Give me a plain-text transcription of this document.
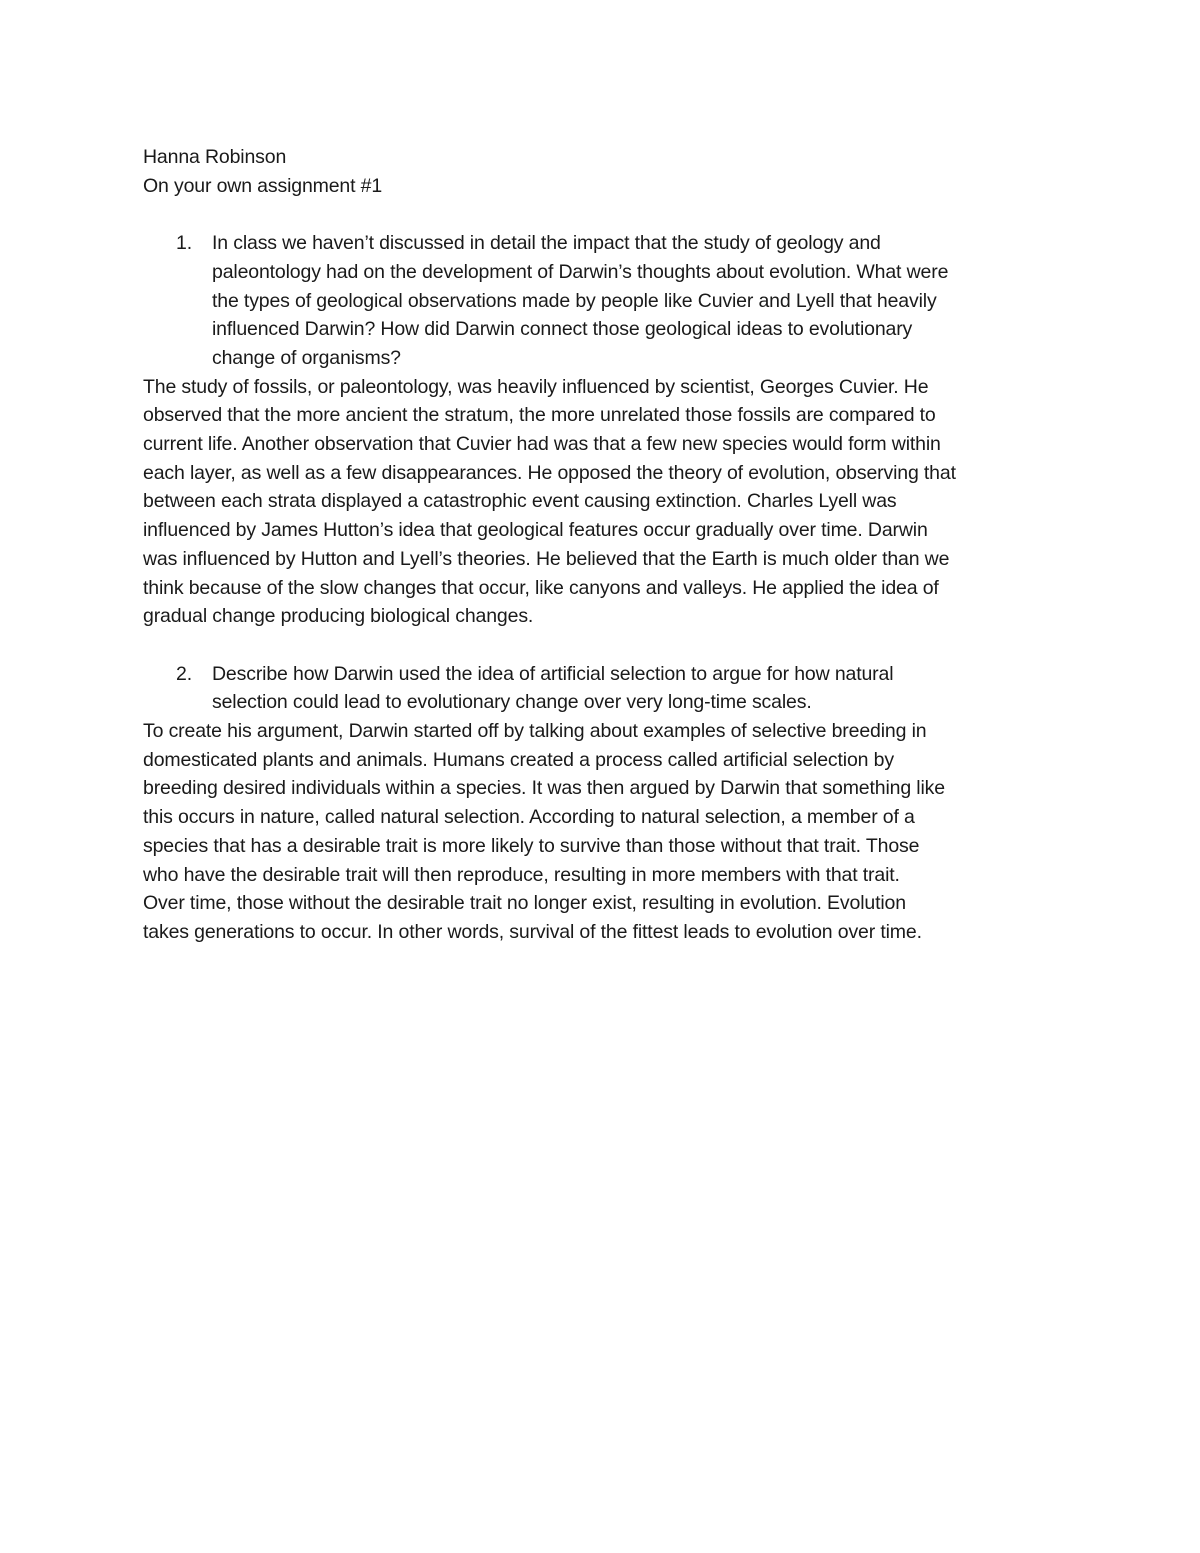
Hanna Robinson

On your own assignment #1

1. In class we haven’t discussed in detail the impact that the study of geology and

paleontology had on the development of Darwin’s thoughts about evolution. What were

the types of geological observations made by people like Cuvier and Lyell that heavily

influenced Darwin? How did Darwin connect those geological ideas to evolutionary

change of organisms?

The study of fossils, or paleontology, was heavily influenced by scientist, Georges Cuvier. He

observed that the more ancient the stratum, the more unrelated those fossils are compared to

current life. Another observation that Cuvier had was that a few new species would form within

each layer, as well as a few disappearances. He opposed the theory of evolution, observing that

between each strata displayed a catastrophic event causing extinction. Charles Lyell was

influenced by James Hutton’s idea that geological features occur gradually over time. Darwin

was influenced by Hutton and Lyell’s theories. He believed that the Earth is much older than we

think because of the slow changes that occur, like canyons and valleys. He applied the idea of

gradual change producing biological changes.

2. Describe how Darwin used the idea of artificial selection to argue for how natural

selection could lead to evolutionary change over very long-time scales.

To create his argument, Darwin started off by talking about examples of selective breeding in

domesticated plants and animals. Humans created a process called artificial selection by

breeding desired individuals within a species. It was then argued by Darwin that something like

this occurs in nature, called natural selection. According to natural selection, a member of a

species that has a desirable trait is more likely to survive than those without that trait. Those

who have the desirable trait will then reproduce, resulting in more members with that trait.

Over time, those without the desirable trait no longer exist, resulting in evolution. Evolution

takes generations to occur. In other words, survival of the fittest leads to evolution over time.
